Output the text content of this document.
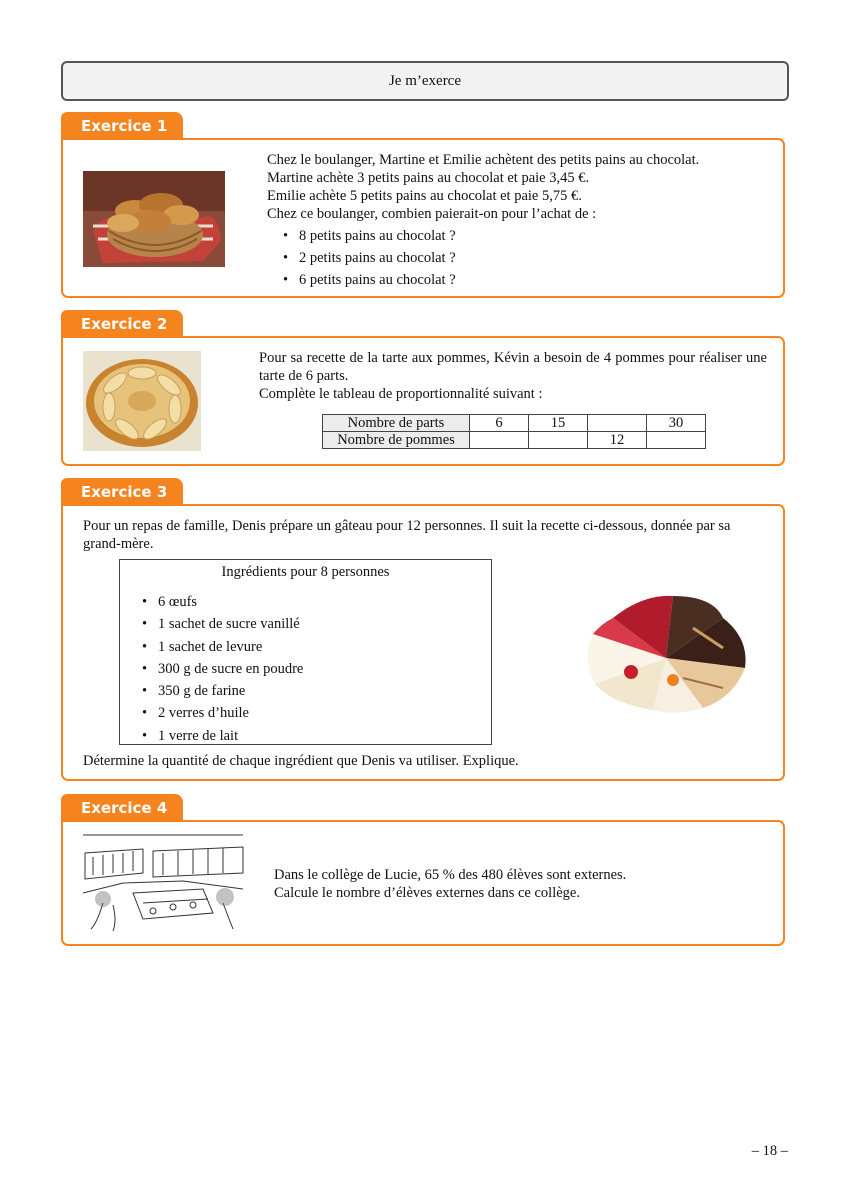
Je m’exerce
Exercice 1
Chez le boulanger, Martine et Emilie achètent des petits pains au chocolat.
Martine achète 3 petits pains au chocolat et paie 3,45 €.
Emilie achète 5 petits pains au chocolat et paie 5,75 €.
Chez ce boulanger, combien paierait-on pour l’achat de :
• 8 petits pains au chocolat ?
• 2 petits pains au chocolat ?
• 6 petits pains au chocolat ?
Exercice 2
Pour sa recette de la tarte aux pommes, Kévin a besoin de 4 pommes pour réaliser une tarte de 6 parts.
Complète le tableau de proportionnalité suivant :
Nombre de parts	6	15		30
Nombre de pommes			12	
Exercice 3
Pour un repas de famille, Denis prépare un gâteau pour 12 personnes. Il suit la recette ci-dessous, donnée par sa grand-mère.
Ingrédients pour 8 personnes
• 6 œufs
• 1 sachet de sucre vanillé
• 1 sachet de levure
• 300 g de sucre en poudre
• 350 g de farine
• 2 verres d’huile
• 1 verre de lait
Détermine la quantité de chaque ingrédient que Denis va utiliser. Explique.
Exercice 4
Dans le collège de Lucie, 65 % des 480 élèves sont externes.
Calcule le nombre d’élèves externes dans ce collège.
– 18 –
